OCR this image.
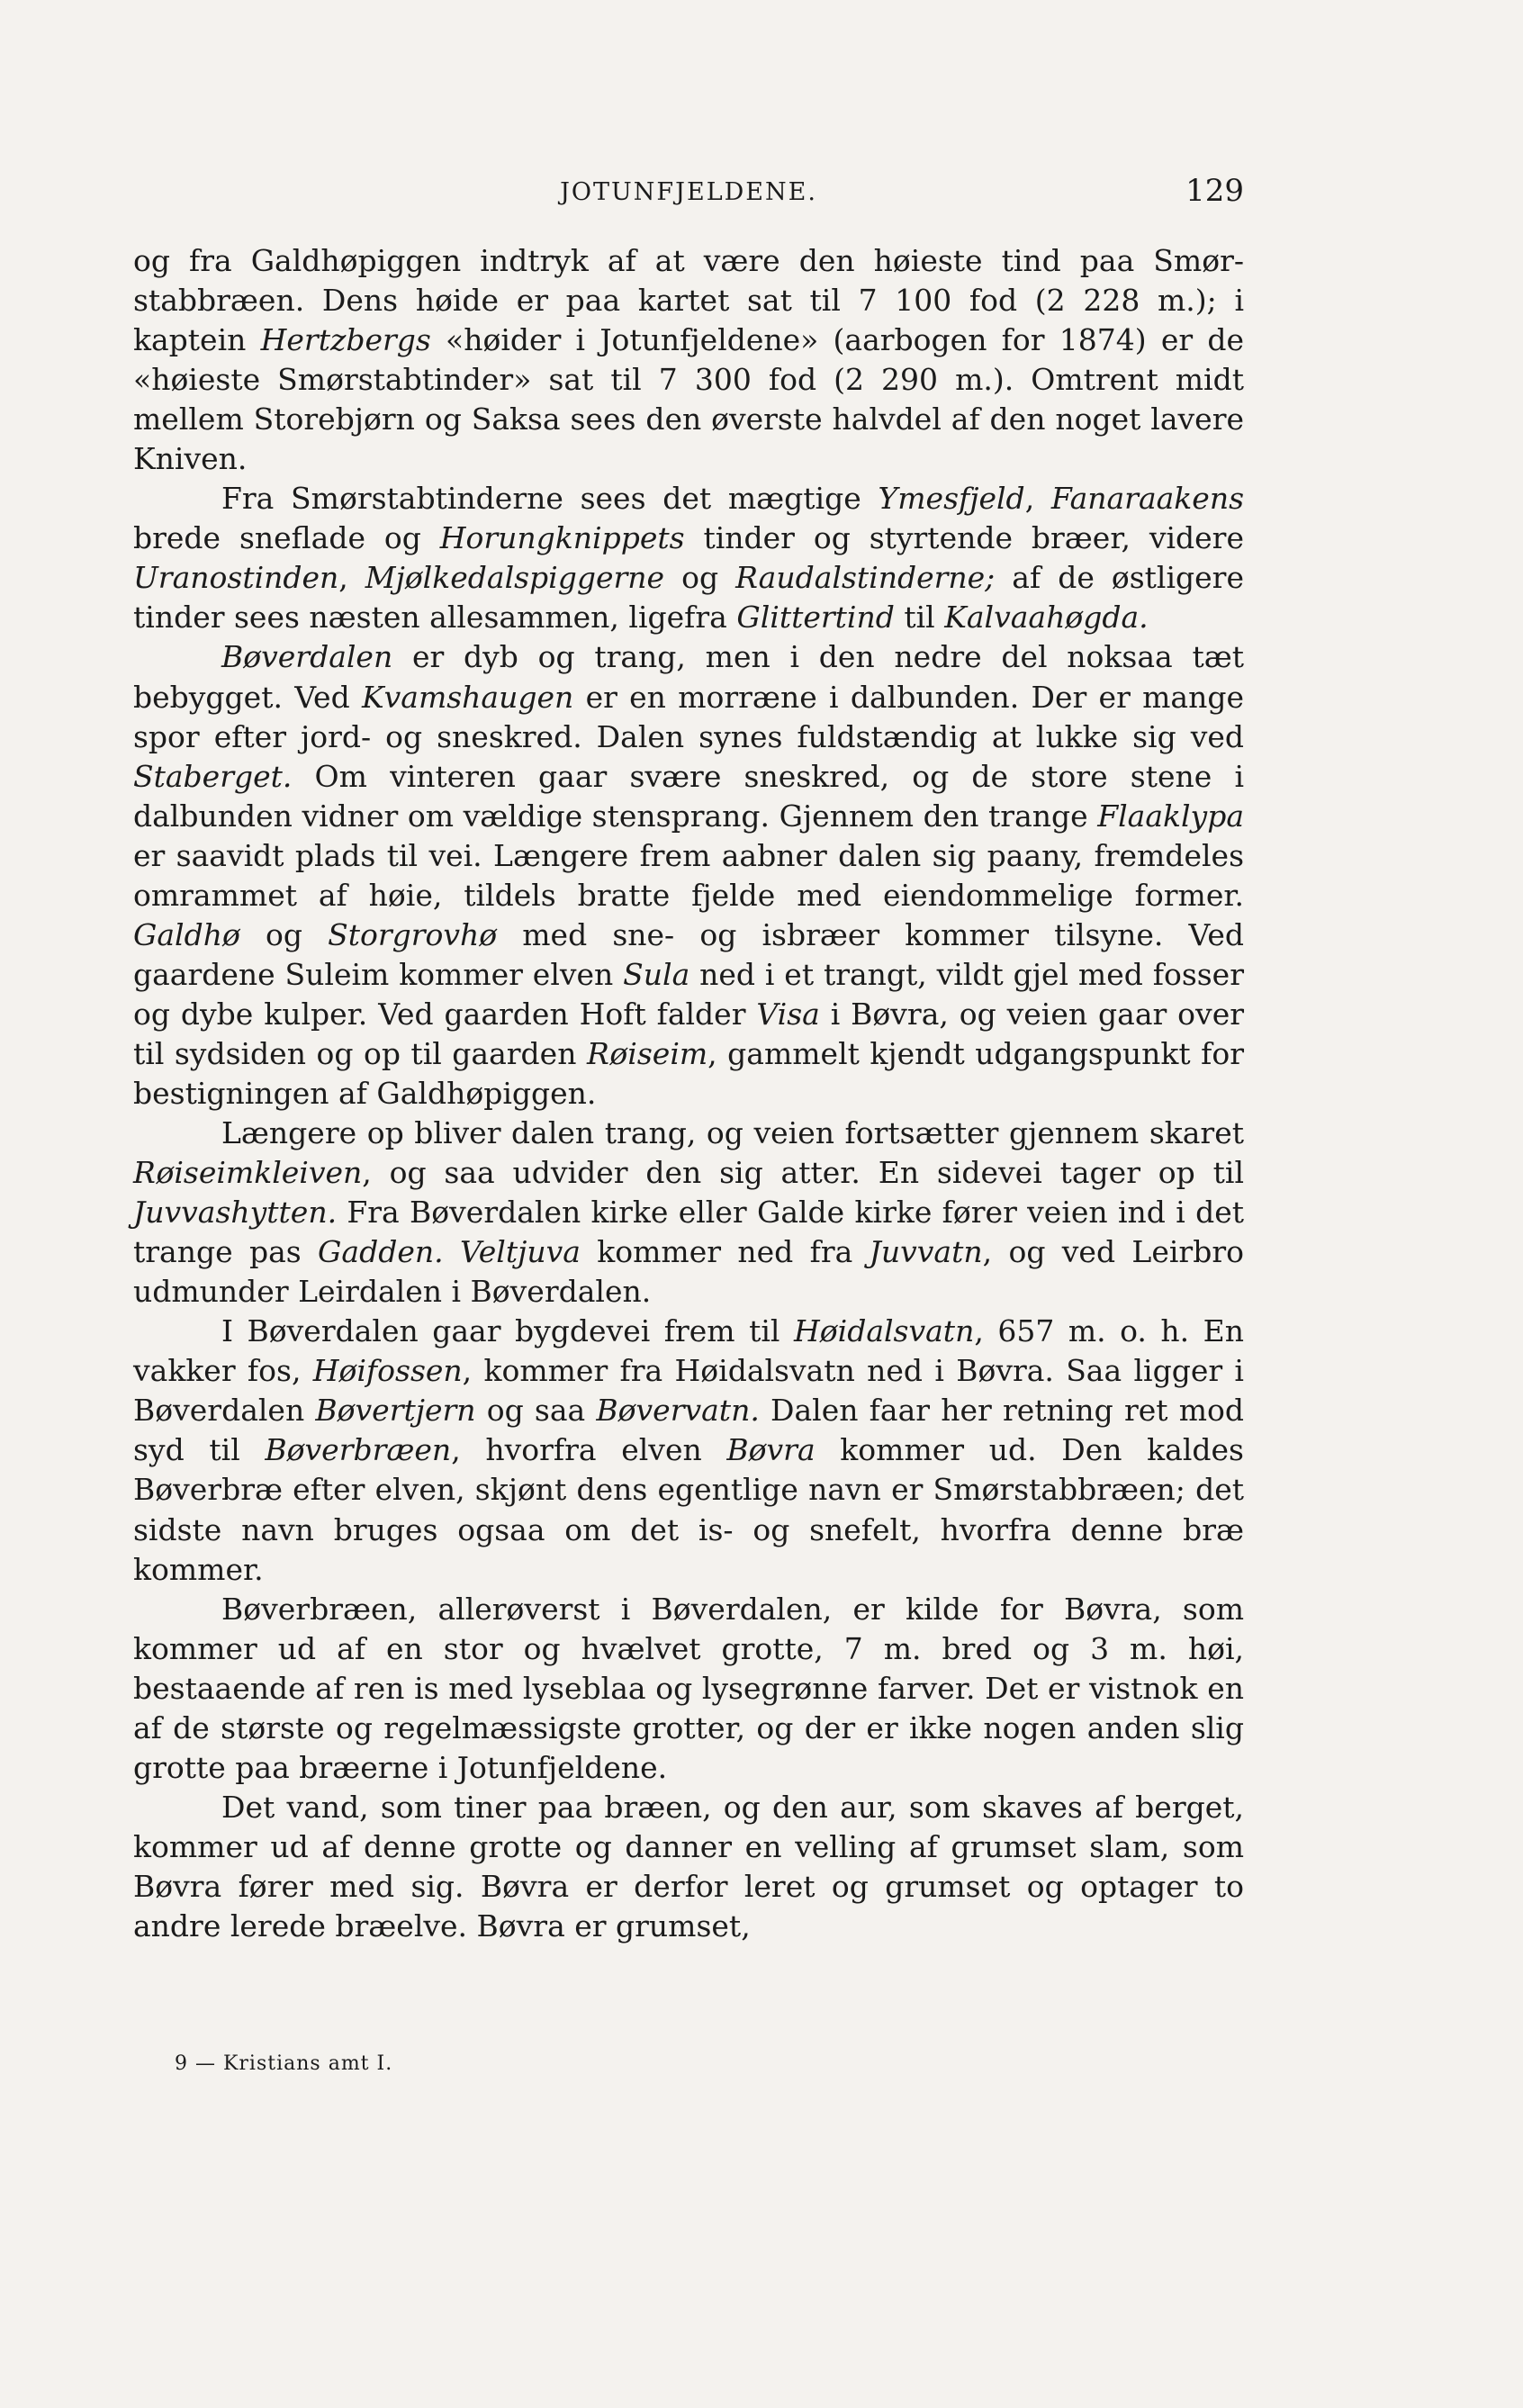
JOTUNFJELDENE.	129

og fra Galdhøpiggen indtryk af at være den høieste tind paa Smørstabbræen. Dens høide er paa kartet sat til 7 100 fod (2 228 m.); i kaptein Hertzbergs «høider i Jotunfjeldene» (aarbogen for 1874) er de «høieste Smørstabtinder» sat til 7 300 fod (2 290 m.). Omtrent midt mellem Storebjørn og Saksa sees den øverste halvdel af den noget lavere Kniven.

Fra Smørstabtinderne sees det mægtige Ymesfjeld, Fanaraakens brede sneflade og Horungknippets tinder og styrtende bræer, videre Uranostinden, Mjølkedalspiggerne og Raudalstinderne; af de østligere tinder sees næsten allesammen, ligefra Glittertind til Kalvaahøgda.

Bøverdalen er dyb og trang, men i den nedre del noksaa tæt bebygget. Ved Kvamshaugen er en morræne i dalbunden. Der er mange spor efter jord- og sneskred. Dalen synes fuldstændig at lukke sig ved Staberget. Om vinteren gaar svære sneskred, og de store stene i dalbunden vidner om vældige stensprang. Gjennem den trange Flaaklypa er saavidt plads til vei. Længere frem aabner dalen sig paany, fremdeles omrammet af høie, tildels bratte fjelde med eiendommelige former. Galdhø og Storgrovhø med sne- og isbræer kommer tilsyne. Ved gaardene Suleim kommer elven Sula ned i et trangt, vildt gjel med fosser og dybe kulper. Ved gaarden Hoft falder Visa i Bøvra, og veien gaar over til sydsiden og op til gaarden Røiseim, gammelt kjendt udgangspunkt for bestigningen af Galdhøpiggen.

Længere op bliver dalen trang, og veien fortsætter gjennem skaret Røiseimkleiven, og saa udvider den sig atter. En sidevei tager op til Juvvashytten. Fra Bøverdalen kirke eller Galde kirke fører veien ind i det trange pas Gadden. Veltjuva kommer ned fra Juvvatn, og ved Leirbro udmunder Leirdalen i Bøverdalen.

I Bøverdalen gaar bygdevei frem til Høidalsvatn, 657 m. o. h. En vakker fos, Høifossen, kommer fra Høidalsvatn ned i Bøvra. Saa ligger i Bøverdalen Bøvertjern og saa Bøvervatn. Dalen faar her retning ret mod syd til Bøverbræen, hvorfra elven Bøvra kommer ud. Den kaldes Bøverbræ efter elven, skjønt dens egentlige navn er Smørstabbræen; det sidste navn bruges ogsaa om det is- og snefelt, hvorfra denne bræ kommer.

Bøverbræen, allerøverst i Bøverdalen, er kilde for Bøvra, som kommer ud af en stor og hvælvet grotte, 7 m. bred og 3 m. høi, bestaaende af ren is med lyseblaa og lysegrønne farver. Det er vistnok en af de største og regelmæssigste grotter, og der er ikke nogen anden slig grotte paa bræerne i Jotunfjeldene.

Det vand, som tiner paa bræen, og den aur, som skaves af berget, kommer ud af denne grotte og danner en velling af grumset slam, som Bøvra fører med sig. Bøvra er derfor leret og grumset og optager to andre lerede bræelve. Bøvra er grumset,

9 — Kristians amt I.
